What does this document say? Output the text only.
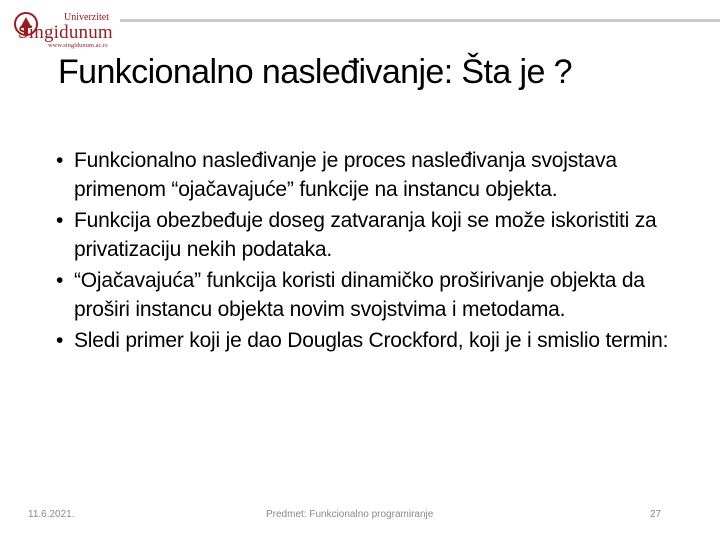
Univerzitet
Singidunum
www.singidunum.ac.rs
Funkcionalno nasleđivanje: Šta je ?
• Funkcionalno nasleđivanje je proces nasleđivanja svojstava primenom “ojačavajuće” funkcije na instancu objekta.
• Funkcija obezbeđuje doseg zatvaranja koji se može iskoristiti za privatizaciju nekih podataka.
• “Ojačavajuća” funkcija koristi dinamičko proširivanje objekta da proširi instancu objekta novim svojstvima i metodama.
• Sledi primer koji je dao Douglas Crockford, koji je i smislio termin:
11.6.2021.	Predmet: Funkcionalno programiranje	27
